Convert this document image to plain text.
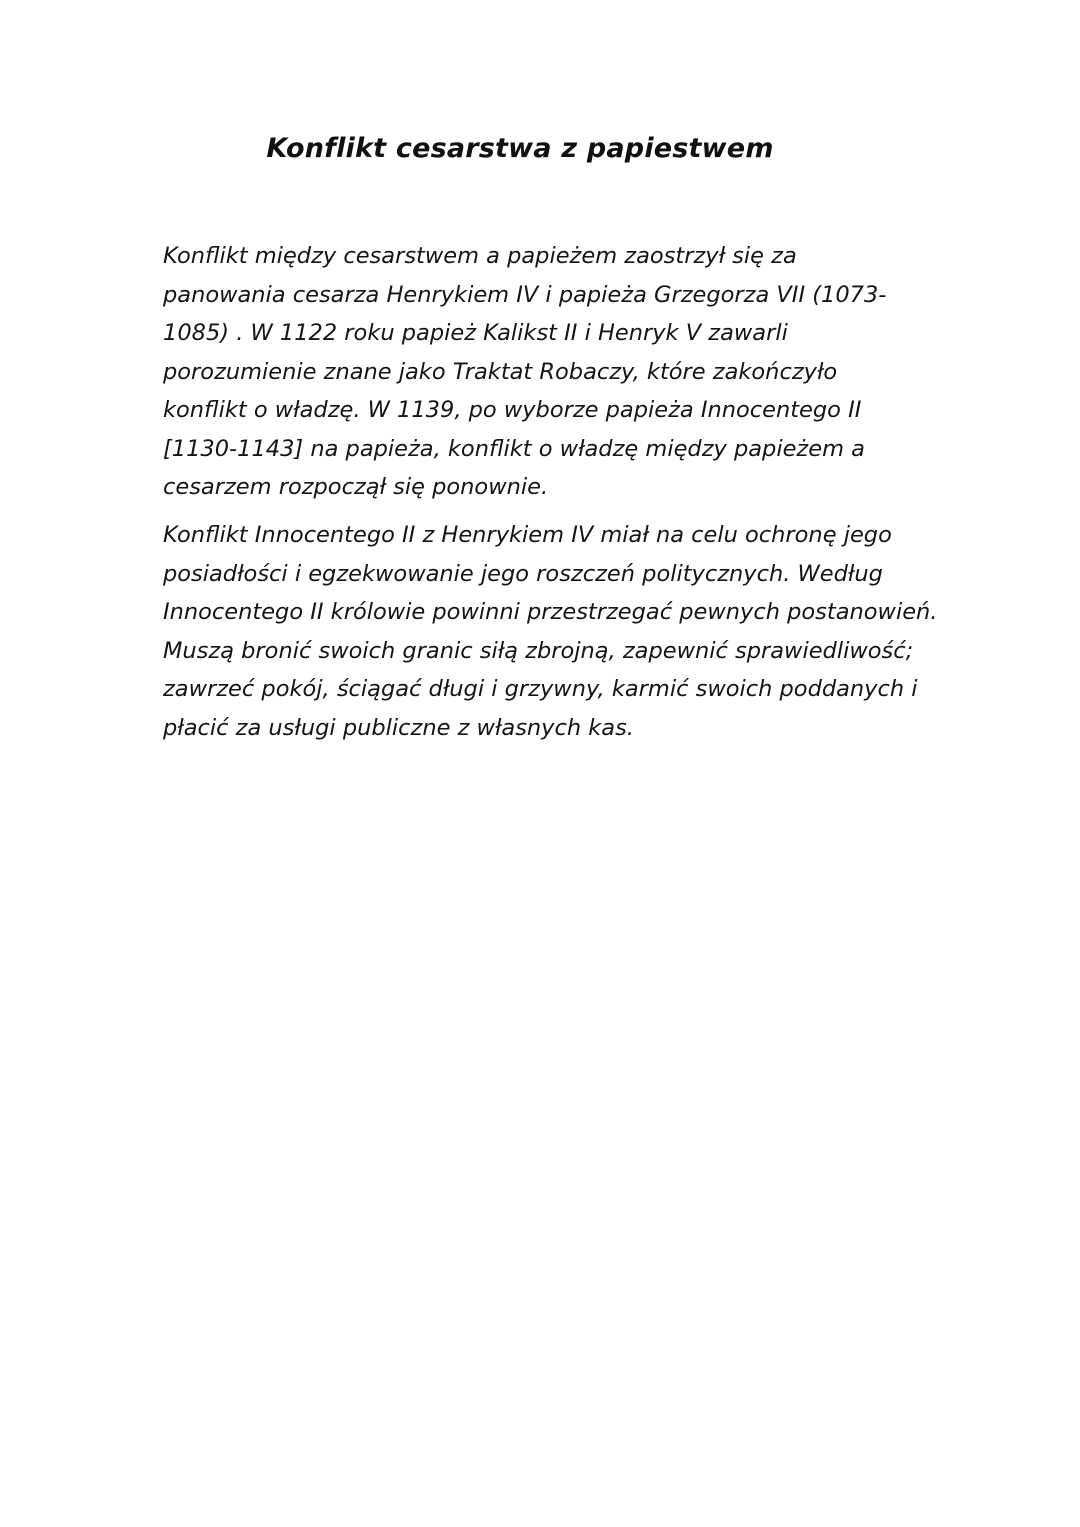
Konflikt cesarstwa z papiestwem

Konflikt między cesarstwem a papieżem zaostrzył się za
panowania cesarza Henrykiem IV i papieża Grzegorza VII (1073-
1085) . W 1122 roku papież Kalikst II i Henryk V zawarli
porozumienie znane jako Traktat Robaczy, które zakończyło
konflikt o władzę. W 1139, po wyborze papieża Innocentego II
[1130-1143] na papieża, konflikt o władzę między papieżem a
cesarzem rozpoczął się ponownie.

Konflikt Innocentego II z Henrykiem IV miał na celu ochronę jego
posiadłości i egzekwowanie jego roszczeń politycznych. Według
Innocentego II królowie powinni przestrzegać pewnych postanowień.
Muszą bronić swoich granic siłą zbrojną, zapewnić sprawiedliwość;
zawrzeć pokój, ściągać długi i grzywny, karmić swoich poddanych i
płacić za usługi publiczne z własnych kas.
